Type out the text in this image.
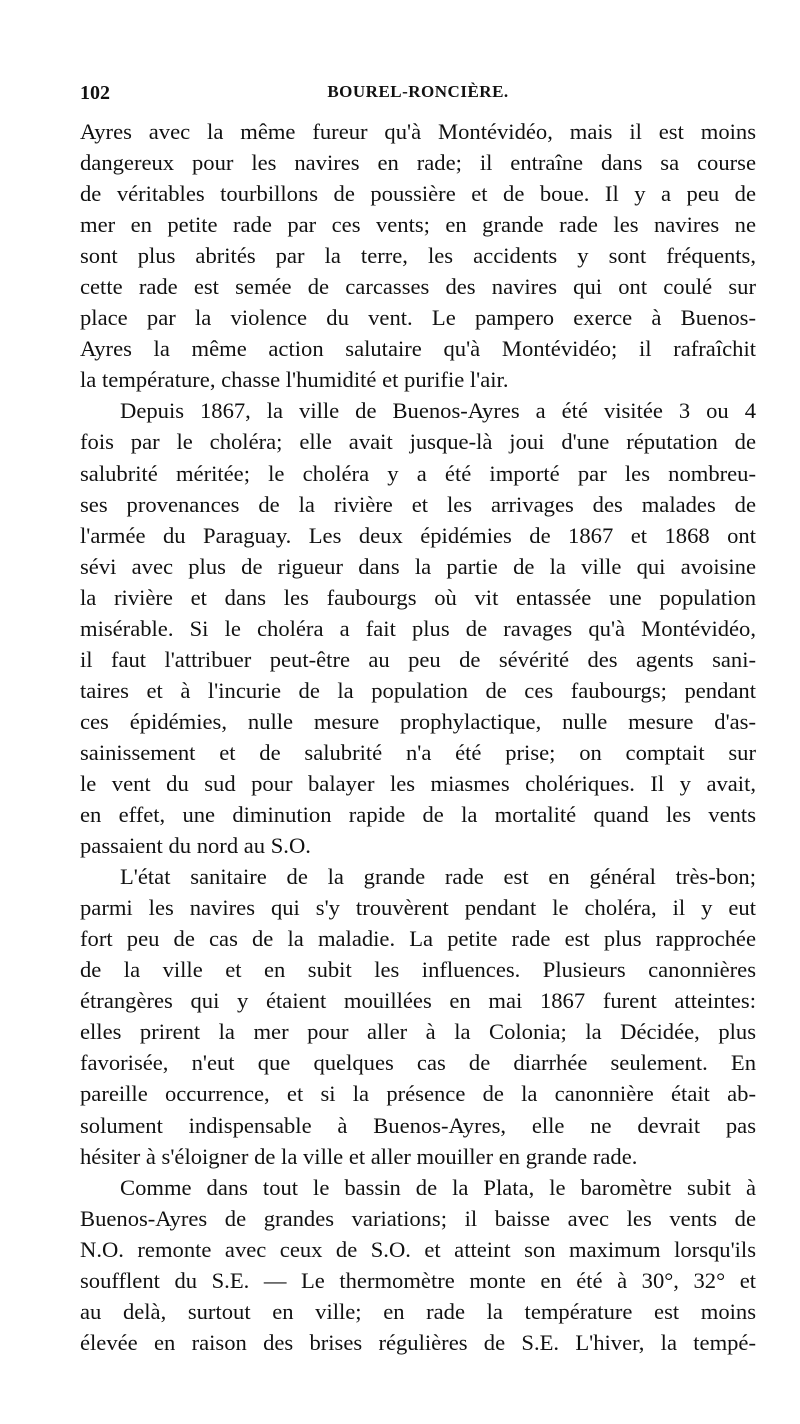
102	BOUREL-RONCIÈRE.
Ayres avec la même fureur qu'à Montévidéo, mais il est moins
dangereux pour les navires en rade; il entraîne dans sa course
de véritables tourbillons de poussière et de boue. Il y a peu de
mer en petite rade par ces vents; en grande rade les navires ne
sont plus abrités par la terre, les accidents y sont fréquents,
cette rade est semée de carcasses des navires qui ont coulé sur
place par la violence du vent. Le pampero exerce à Buenos-
Ayres la même action salutaire qu'à Montévidéo; il rafraîchit
la température, chasse l'humidité et purifie l'air.
Depuis 1867, la ville de Buenos-Ayres a été visitée 3 ou 4
fois par le choléra; elle avait jusque-là joui d'une réputation de
salubrité méritée; le choléra y a été importé par les nombreu-
ses provenances de la rivière et les arrivages des malades de
l'armée du Paraguay. Les deux épidémies de 1867 et 1868 ont
sévi avec plus de rigueur dans la partie de la ville qui avoisine
la rivière et dans les faubourgs où vit entassée une population
misérable. Si le choléra a fait plus de ravages qu'à Montévidéo,
il faut l'attribuer peut-être au peu de sévérité des agents sani-
taires et à l'incurie de la population de ces faubourgs; pendant
ces épidémies, nulle mesure prophylactique, nulle mesure d'as-
sainissement et de salubrité n'a été prise; on comptait sur
le vent du sud pour balayer les miasmes cholériques. Il y avait,
en effet, une diminution rapide de la mortalité quand les vents
passaient du nord au S.O.
L'état sanitaire de la grande rade est en général très-bon;
parmi les navires qui s'y trouvèrent pendant le choléra, il y eut
fort peu de cas de la maladie. La petite rade est plus rapprochée
de la ville et en subit les influences. Plusieurs canonnières
étrangères qui y étaient mouillées en mai 1867 furent atteintes:
elles prirent la mer pour aller à la Colonia; la Décidée, plus
favorisée, n'eut que quelques cas de diarrhée seulement. En
pareille occurrence, et si la présence de la canonnière était ab-
solument indispensable à Buenos-Ayres, elle ne devrait pas
hésiter à s'éloigner de la ville et aller mouiller en grande rade.
Comme dans tout le bassin de la Plata, le baromètre subit à
Buenos-Ayres de grandes variations; il baisse avec les vents de
N.O. remonte avec ceux de S.O. et atteint son maximum lorsqu'ils
soufflent du S.E. — Le thermomètre monte en été à 30°, 32° et
au delà, surtout en ville; en rade la température est moins
élevée en raison des brises régulières de S.E. L'hiver, la tempé-
